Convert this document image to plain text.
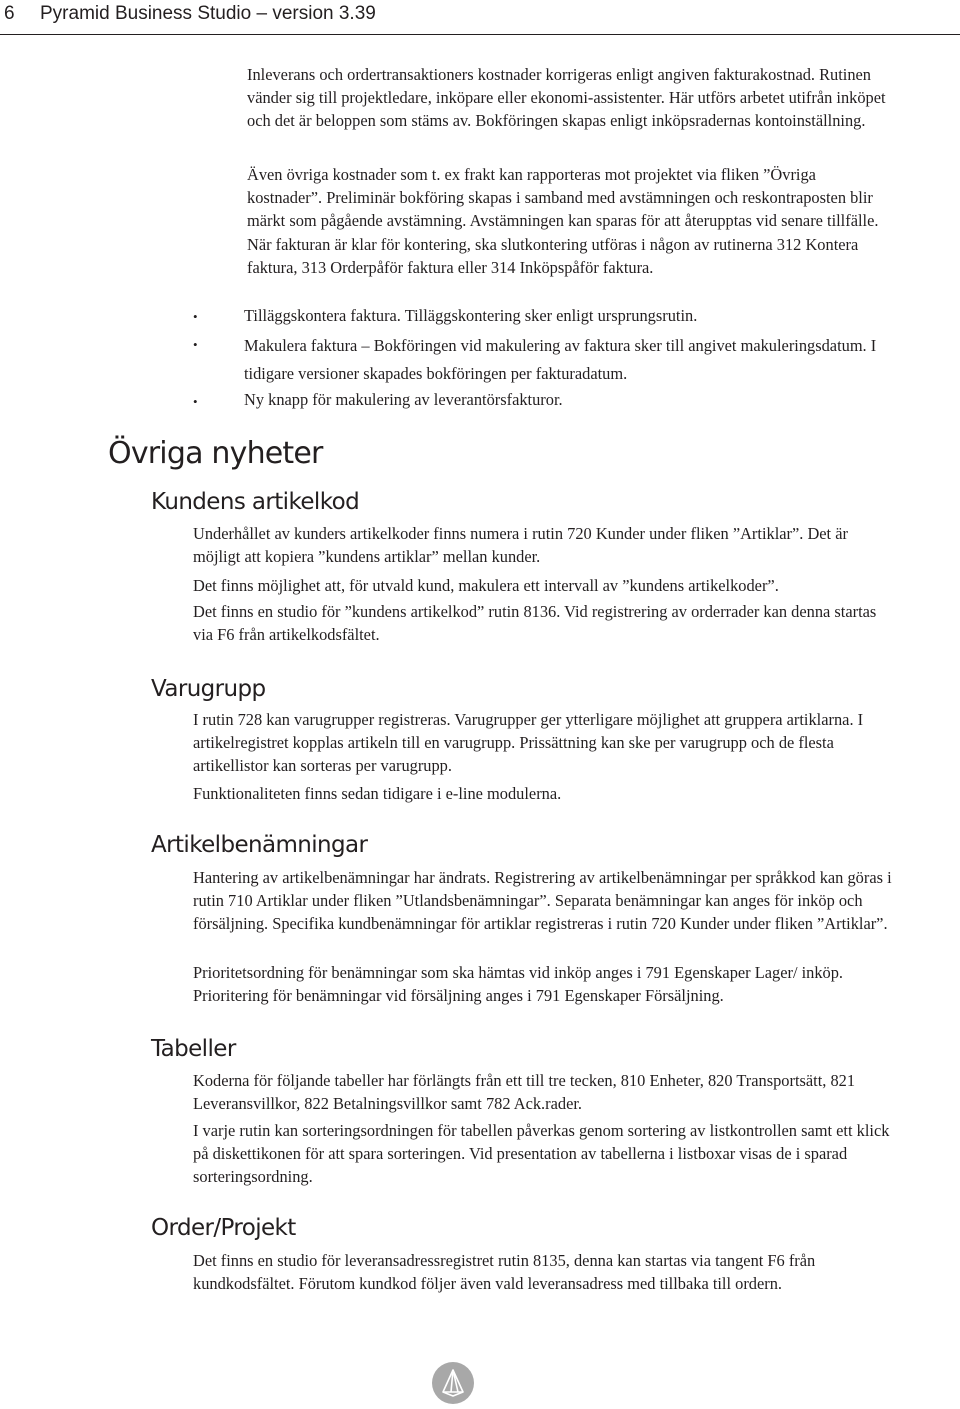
6 Pyramid Business Studio – version 3.39

Inleverans och ordertransaktioners kostnader korrigeras enligt angiven fakturakostnad. Rutinen vänder sig till projektledare, inköpare eller ekonomi-assistenter. Här utförs arbetet utifrån inköpet och det är beloppen som stäms av. Bokföringen skapas enligt inköpsradernas kontoinställning.

Även övriga kostnader som t. ex frakt kan rapporteras mot projektet via fliken ”Övriga kostnader”. Preliminär bokföring skapas i samband med avstämningen och reskontraposten blir märkt som pågående avstämning. Avstämningen kan sparas för att återupptas vid senare tillfälle. När fakturan är klar för kontering, ska slutkontering utföras i någon av rutinerna 312 Kontera faktura, 313 Orderpåför faktura eller 314 Inköpspåför faktura.

•	Tilläggskontera faktura. Tilläggskontering sker enligt ursprungsrutin.

•	Makulera faktura – Bokföringen vid makulering av faktura sker till angivet makuleringsdatum. I tidigare versioner skapades bokföringen per fakturadatum.

•	Ny knapp för makulering av leverantörsfakturor.

Övriga nyheter
Kundens artikelkod

Underhållet av kunders artikelkoder finns numera i rutin 720 Kunder under fliken ”Artiklar”. Det är möjligt att kopiera ”kundens artiklar” mellan kunder.

Det finns möjlighet att, för utvald kund, makulera ett intervall av ”kundens artikelkoder”.

Det finns en studio för ”kundens artikelkod” rutin 8136. Vid registrering av orderrader kan denna startas via F6 från artikelkodsfältet.

Varugrupp

I rutin 728 kan varugrupper registreras. Varugrupper ger ytterligare möjlighet att gruppera artiklarna. I artikelregistret kopplas artikeln till en varugrupp. Prissättning kan ske per varugrupp och de flesta artikellistor kan sorteras per varugrupp.

Funktionaliteten finns sedan tidigare i e-line modulerna.

Artikelbenämningar

Hantering av artikelbenämningar har ändrats. Registrering av artikelbenämningar per språkkod kan göras i rutin 710 Artiklar under fliken ”Utlandsbenämningar”. Separata benämningar kan anges för inköp och försäljning. Specifika kundbenämningar för artiklar registreras i rutin 720 Kunder under fliken ”Artiklar”.

Prioritetsordning för benämningar som ska hämtas vid inköp anges i 791 Egenskaper Lager/ inköp. Prioritering för benämningar vid försäljning anges i 791 Egenskaper Försäljning.

Tabeller

Koderna för följande tabeller har förlängts från ett till tre tecken, 810 Enheter, 820 Transportsätt, 821 Leveransvillkor, 822 Betalningsvillkor samt 782 Ack.rader.

I varje rutin kan sorteringsordningen för tabellen påverkas genom sortering av listkontrollen samt ett klick på diskettikonen för att spara sorteringen. Vid presentation av tabellerna i listboxar visas de i sparad sorteringsordning.

Order/Projekt

Det finns en studio för leveransadressregistret rutin 8135, denna kan startas via tangent F6 från kundkodsfältet. Förutom kundkod följer även vald leveransadress med tillbaka till ordern.
